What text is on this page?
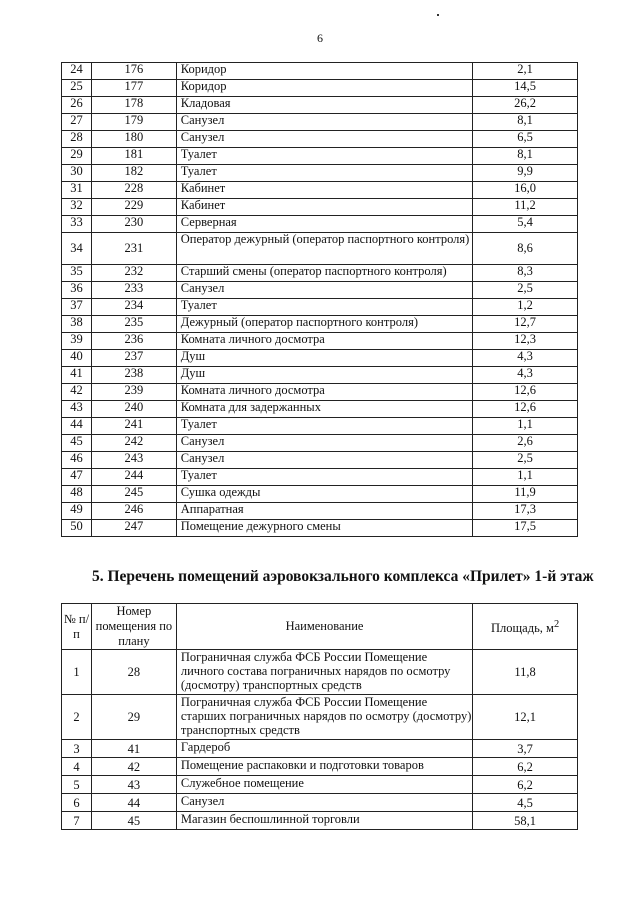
6
24	176	Коридор	2,1
25	177	Коридор	14,5
26	178	Кладовая	26,2
27	179	Санузел	8,1
28	180	Санузел	6,5
29	181	Туалет	8,1
30	182	Туалет	9,9
31	228	Кабинет	16,0
32	229	Кабинет	11,2
33	230	Серверная	5,4
34	231	Оператор дежурный (оператор паспортного контроля)	8,6
35	232	Старший смены (оператор паспортного контроля)	8,3
36	233	Санузел	2,5
37	234	Туалет	1,2
38	235	Дежурный (оператор паспортного контроля)	12,7
39	236	Комната личного досмотра	12,3
40	237	Душ	4,3
41	238	Душ	4,3
42	239	Комната личного досмотра	12,6
43	240	Комната для задержанных	12,6
44	241	Туалет	1,1
45	242	Санузел	2,6
46	243	Санузел	2,5
47	244	Туалет	1,1
48	245	Сушка одежды	11,9
49	246	Аппаратная	17,3
50	247	Помещение дежурного смены	17,5
5. Перечень помещений аэровокзального комплекса «Прилет» 1-й этаж
№ п/п	Номер помещения по плану	Наименование	Площадь, $м^2$
1	28	Пограничная служба ФСБ России Помещение личного состава пограничных нарядов по осмотру (досмотру) транспортных средств	11,8
2	29	Пограничная служба ФСБ России Помещение старших пограничных нарядов по осмотру (досмотру) транспортных средств	12,1
3	41	Гардероб	3,7
4	42	Помещение распаковки и подготовки товаров	6,2
5	43	Служебное помещение	6,2
6	44	Санузел	4,5
7	45	Магазин беспошлинной торговли	58,1
